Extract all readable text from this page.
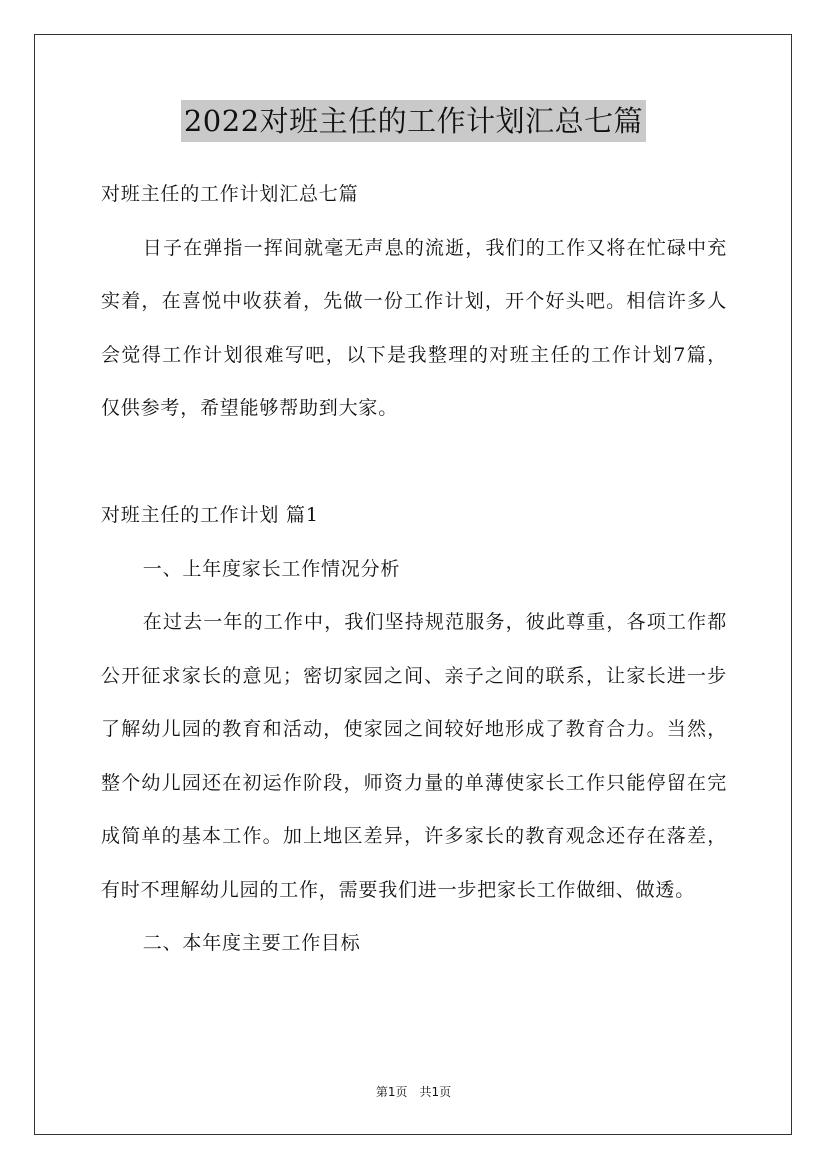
2022对班主任的工作计划汇总七篇

对班主任的工作计划汇总七篇

日子在弹指一挥间就毫无声息的流逝，我们的工作又将在忙碌中充实着，在喜悦中收获着，先做一份工作计划，开个好头吧。相信许多人会觉得工作计划很难写吧，以下是我整理的对班主任的工作计划7篇，仅供参考，希望能够帮助到大家。

对班主任的工作计划 篇1

一、上年度家长工作情况分析

在过去一年的工作中，我们坚持规范服务，彼此尊重，各项工作都公开征求家长的意见；密切家园之间、亲子之间的联系，让家长进一步了解幼儿园的教育和活动，使家园之间较好地形成了教育合力。当然，整个幼儿园还在初运作阶段，师资力量的单薄使家长工作只能停留在完成简单的基本工作。加上地区差异，许多家长的教育观念还存在落差，有时不理解幼儿园的工作，需要我们进一步把家长工作做细、做透。

二、本年度主要工作目标

第1页　共1页
